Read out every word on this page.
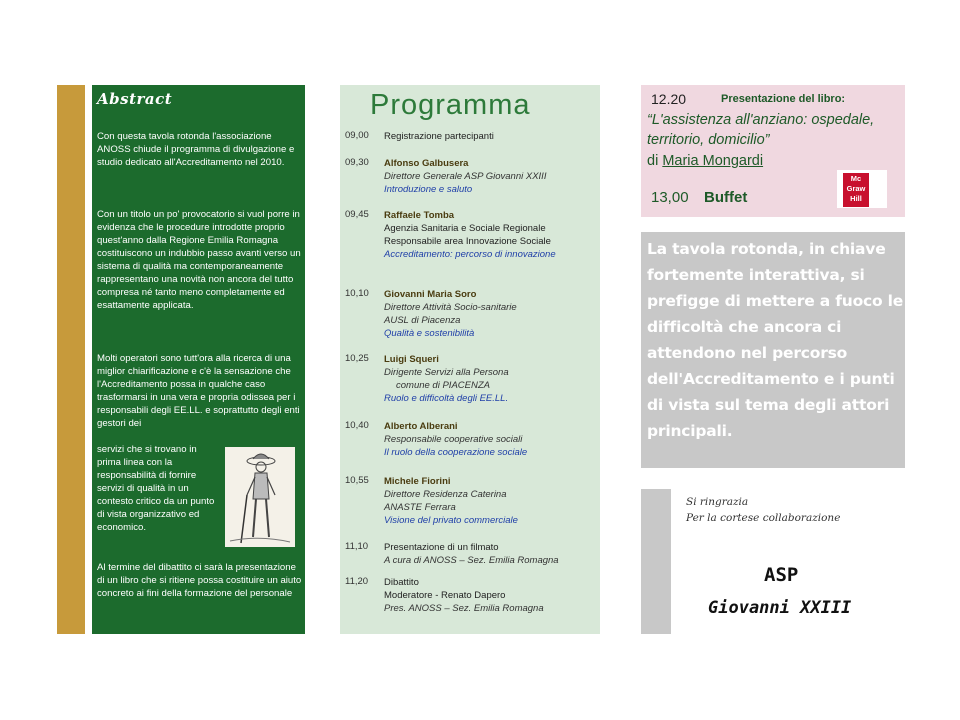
Abstract

Con questa tavola rotonda l'associazione ANOSS chiude il programma di divulgazione e studio dedicato all'Accreditamento nel 2010.

Con un titolo un po' provocatorio si vuol porre in evidenza che le procedure introdotte proprio quest'anno dalla Regione Emilia Romagna costituiscono un indubbio passo avanti verso un sistema di qualità ma contemporaneamente rappresentano una novità non ancora del tutto compresa né tanto meno completamente ed esattamente applicata.

Molti operatori sono tutt'ora alla ricerca di una miglior chiarificazione e c'è la sensazione che l'Accreditamento possa in qualche caso trasformarsi in una vera e propria odissea per i responsabili degli EE.LL. e soprattutto degli enti gestori dei

servizi che si trovano in prima linea con la responsabilità di fornire servizi di qualità in un contesto critico da un punto di vista organizzativo ed economico.

Al termine del dibattito ci sarà la presentazione di un libro che si ritiene possa costituire un aiuto concreto ai fini della formazione del personale

Programma
09,00 Registrazione partecipanti
09,30 Alfonso Galbusera
Direttore Generale ASP Giovanni XXIII
Introduzione e saluto
09,45 Raffaele Tomba
Agenzia Sanitaria e Sociale Regionale
Responsabile area Innovazione Sociale
Accreditamento: percorso di innovazione
10,10 Giovanni Maria Soro
Direttore Attività Socio-sanitarie
AUSL di Piacenza
Qualità e sostenibilità
10,25 Luigi Squeri
Dirigente Servizi alla Persona
comune di PIACENZA
Ruolo e difficoltà degli EE.LL.
10,40 Alberto Alberani
Responsabile cooperative sociali
Il ruolo della cooperazione sociale
10,55 Michele Fiorini
Direttore Residenza Caterina
ANASTE Ferrara
Visione del privato commerciale
11,10 Presentazione di un filmato
A cura di ANOSS – Sez. Emilia Romagna
11,20 Dibattito
Moderatore - Renato Dapero
Pres. ANOSS – Sez. Emilia Romagna
12.20	Presentazione del libro:
“L'assistenza all'anziano: ospedale, territorio, domicilio”
di Maria Mongardi
13,00 Buffet
Mc Graw Hill
La tavola rotonda, in chiave fortemente interattiva, si prefigge di mettere a fuoco le difficoltà che ancora ci attendono nel percorso dell'Accreditamento e i punti di vista sul tema degli attori principali.
Si ringrazia
Per la cortese collaborazione
ASP
Giovanni XXIII
